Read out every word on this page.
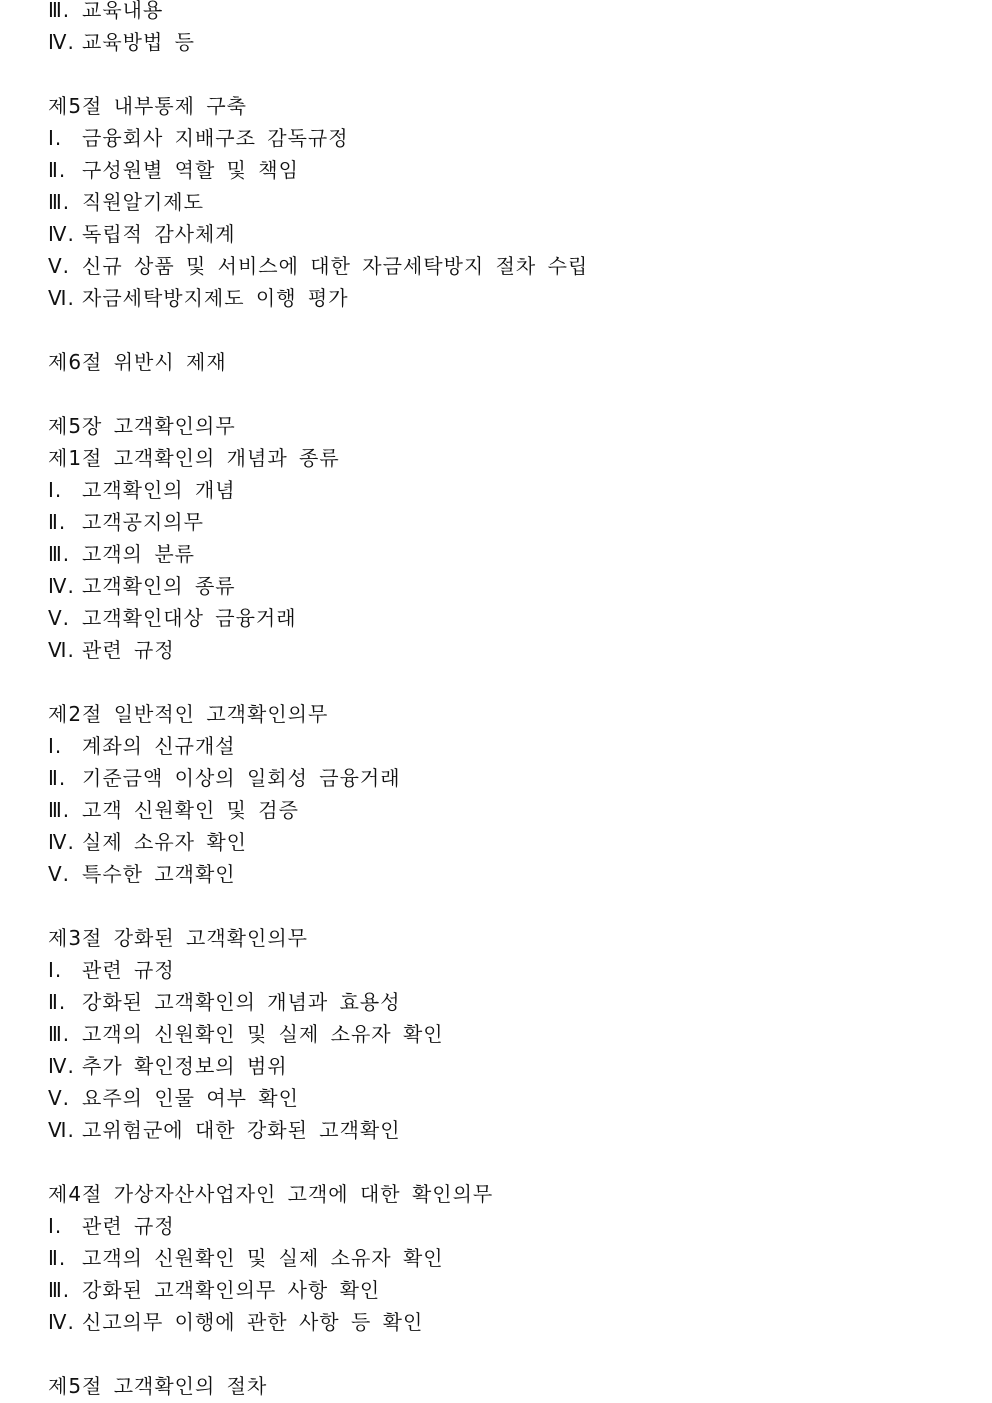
Ⅲ. 교육내용
Ⅳ. 교육방법 등
제5절 내부통제 구축
Ⅰ. 금융회사 지배구조 감독규정
Ⅱ. 구성원별 역할 및 책임
Ⅲ. 직원알기제도
Ⅳ. 독립적 감사체계
Ⅴ. 신규 상품 및 서비스에 대한 자금세탁방지 절차 수립
Ⅵ. 자금세탁방지제도 이행 평가
제6절 위반시 제재
제5장 고객확인의무
제1절 고객확인의 개념과 종류
Ⅰ. 고객확인의 개념
Ⅱ. 고객공지의무
Ⅲ. 고객의 분류
Ⅳ. 고객확인의 종류
Ⅴ. 고객확인대상 금융거래
Ⅵ. 관련 규정
제2절 일반적인 고객확인의무
Ⅰ. 계좌의 신규개설
Ⅱ. 기준금액 이상의 일회성 금융거래
Ⅲ. 고객 신원확인 및 검증
Ⅳ. 실제 소유자 확인
Ⅴ. 특수한 고객확인
제3절 강화된 고객확인의무
Ⅰ. 관련 규정
Ⅱ. 강화된 고객확인의 개념과 효용성
Ⅲ. 고객의 신원확인 및 실제 소유자 확인
Ⅳ. 추가 확인정보의 범위
Ⅴ. 요주의 인물 여부 확인
Ⅵ. 고위험군에 대한 강화된 고객확인
제4절 가상자산사업자인 고객에 대한 확인의무
Ⅰ. 관련 규정
Ⅱ. 고객의 신원확인 및 실제 소유자 확인
Ⅲ. 강화된 고객확인의무 사항 확인
Ⅳ. 신고의무 이행에 관한 사항 등 확인
제5절 고객확인의 절차
